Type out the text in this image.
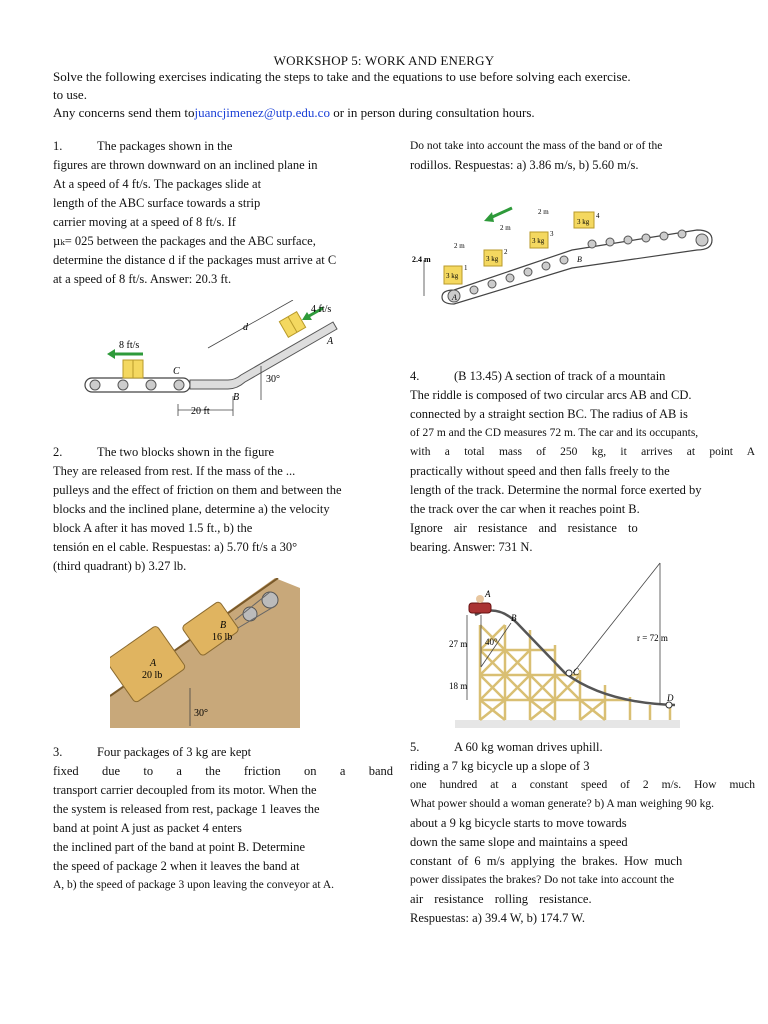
WORKSHOP 5: WORK AND ENERGY
Solve the following exercises indicating the steps to take and the equations to use before solving each exercise.
to use.
Any concerns send them tojuancjimenez@utp.edu.co or in person during consultation hours.
1.	The packages shown in the
figures are thrown downward on an inclined plane in
At a speed of 4 ft/s. The packages slide at
length of the ABC surface towards a strip
carrier moving at a speed of 8 ft/s. If
µₖ= 025 between the packages and the ABC surface,
determine the distance d if the packages must arrive at C
at a speed of 8 ft/s. Answer: 20.3 ft.
8 ft/s
4 ft/s
d
A
B
C
30°
20 ft
2.	The two blocks shown in the figure
They are released from rest. If the mass of the ...
pulleys and the effect of friction on them and between the
blocks and the inclined plane, determine a) the velocity
block A after it has moved 1.5 ft., b) the
tensión en el cable. Respuestas: a) 5.70 ft/s a 30°
(third quadrant) b) 3.27 lb.
A
20 lb
B
16 lb
30°
3.	Four packages of 3 kg are kept
fixed due to a the friction on a band
transport carrier decoupled from its motor. When the
the system is released from rest, package 1 leaves the
band at point A just as packet 4 enters
the inclined part of the band at point B. Determine
the speed of package 2 when it leaves the band at
A, b) the speed of package 3 upon leaving the conveyor at A.
Do not take into account the mass of the band or of the
rodillos. Respuestas: a) 3.86 m/s, b) 5.60 m/s.
2.4 m
3 kg
3 kg
3 kg
3 kg
1
2
3
4
2 m
2 m
2 m
A
B
4.	(B 13.45) A section of track of a mountain
The riddle is composed of two circular arcs AB and CD.
connected by a straight section BC. The radius of AB is
of 27 m and the CD measures 72 m. The car and its occupants,
with a total mass of 250 kg, it arrives at point A
practically without speed and then falls freely to the
length of the track. Determine the normal force exerted by
the track over the car when it reaches point B.
Ignore air resistance and resistance to
bearing. Answer: 731 N.
A
B
C
D
27 m
18 m
40°	r = 72 m
5.	A 60 kg woman drives uphill.
riding a 7 kg bicycle up a slope of 3
one hundred at a constant speed of 2 m/s. How much
What power should a woman generate? b) A man weighing 90 kg.
about a 9 kg bicycle starts to move towards
down the same slope and maintains a speed
constant of 6 m/s applying the brakes. How much
power dissipates the brakes? Do not take into account the
air resistance rolling resistance.
Respuestas: a) 39.4 W, b) 174.7 W.
